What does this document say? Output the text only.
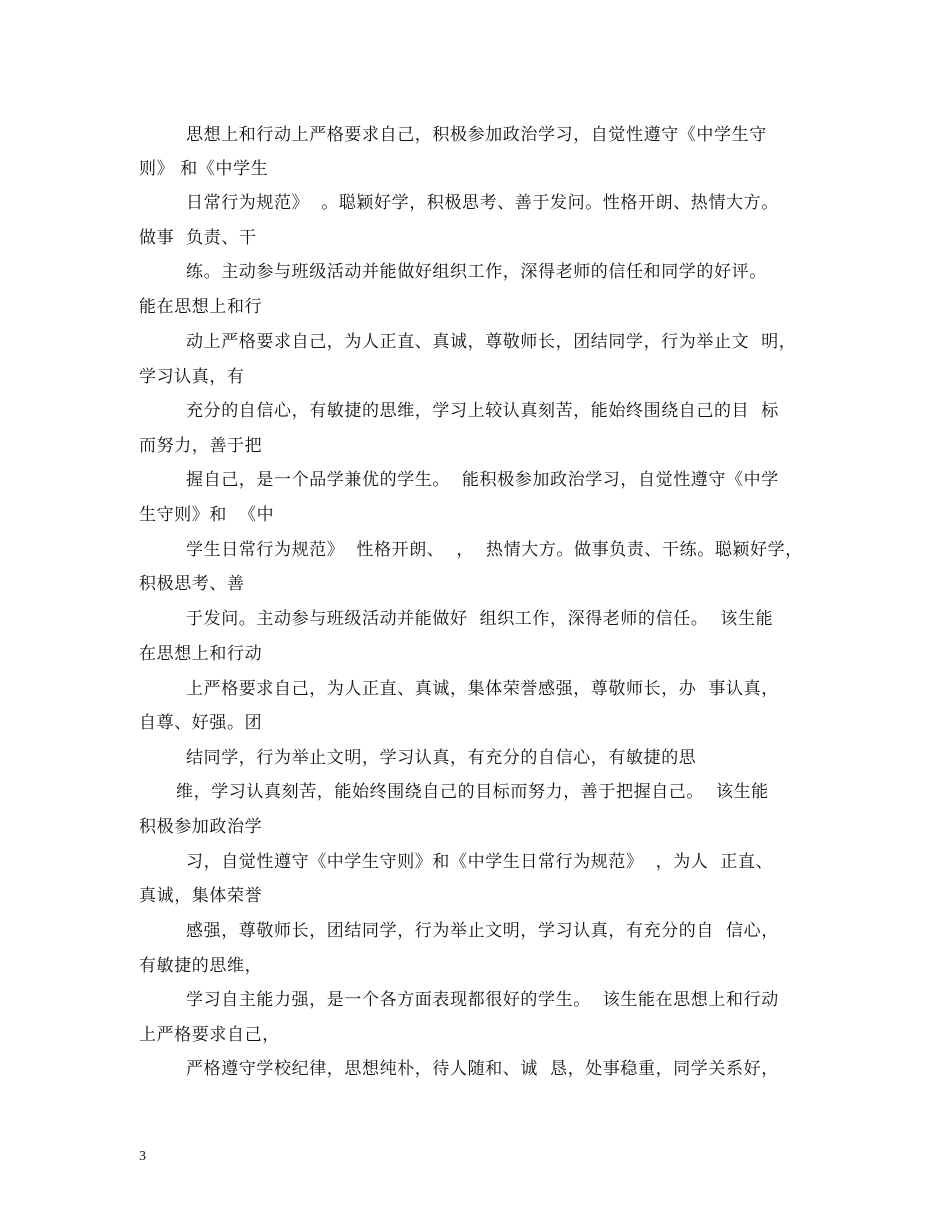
思想上和行动上严格要求自己，积极参加政治学习，自觉性遵守《中学生守
则》 和《中学生
日常行为规范》  。聪颖好学，积极思考、善于发问。性格开朗、热情大方。
做事  负责、干
练。主动参与班级活动并能做好组织工作，深得老师的信任和同学的好评。
能在思想上和行
动上严格要求自己，为人正直、真诚，尊敬师长，团结同学，行为举止文  明，
学习认真，有
充分的自信心，有敏捷的思维，学习上较认真刻苦，能始终围绕自己的目  标
而努力，善于把
握自己，是一个品学兼优的学生。  能积极参加政治学习，自觉性遵守《中学
生守则》和  《中
学生日常行为规范》  性格开朗、  ，  热情大方。做事负责、干练。聪颖好学，
积极思考、善
于发问。主动参与班级活动并能做好  组织工作，深得老师的信任。  该生能
在思想上和行动
上严格要求自己，为人正直、真诚，集体荣誉感强，尊敬师长，办  事认真，
自尊、好强。团
结同学，行为举止文明，学习认真，有充分的自信心，有敏捷的思
维，学习认真刻苦，能始终围绕自己的目标而努力，善于把握自己。  该生能
积极参加政治学
习，自觉性遵守《中学生守则》和《中学生日常行为规范》  ，为人  正直、
真诚，集体荣誉
感强，尊敬师长，团结同学，行为举止文明，学习认真，有充分的自  信心，
有敏捷的思维，
学习自主能力强，是一个各方面表现都很好的学生。  该生能在思想上和行动
上严格要求自己，
严格遵守学校纪律，思想纯朴，待人随和、诚  恳，处事稳重，同学关系好，
3
